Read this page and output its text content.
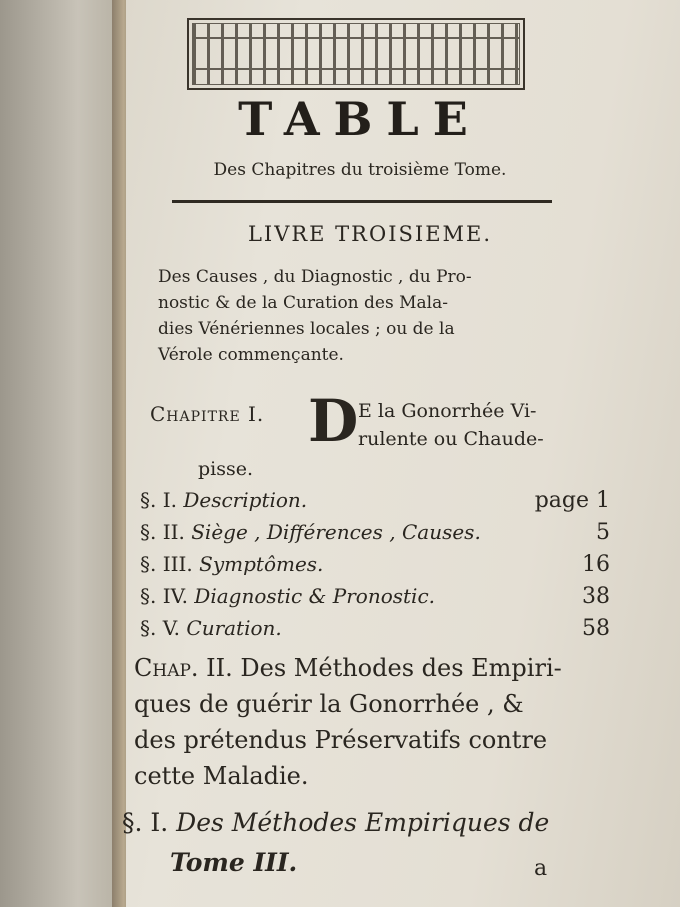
TABLE
Des Chapitres du troisième Tome.
LIVRE TROISIEME.
Des Causes , du Diagnostic , du Pro-
nostic & de la Curation des Mala-
dies Vénériennes locales ; ou de la
Vérole commençante.
Chapitre I. D E la Gonorrhée Vi-
rulente ou Chaude-
pisse.
§. I. Description.	page 1
§. II. Siège , Différences , Causes.	5
§. III. Symptômes.	16
§. IV. Diagnostic & Pronostic.	38
§. V. Curation.	58
Chap. II. Des Méthodes des Empiri-
ques de guérir la Gonorrhée , &
des prétendus Préservatifs contre
cette Maladie.
§. I. Des Méthodes Empiriques de
Tome III.	a
